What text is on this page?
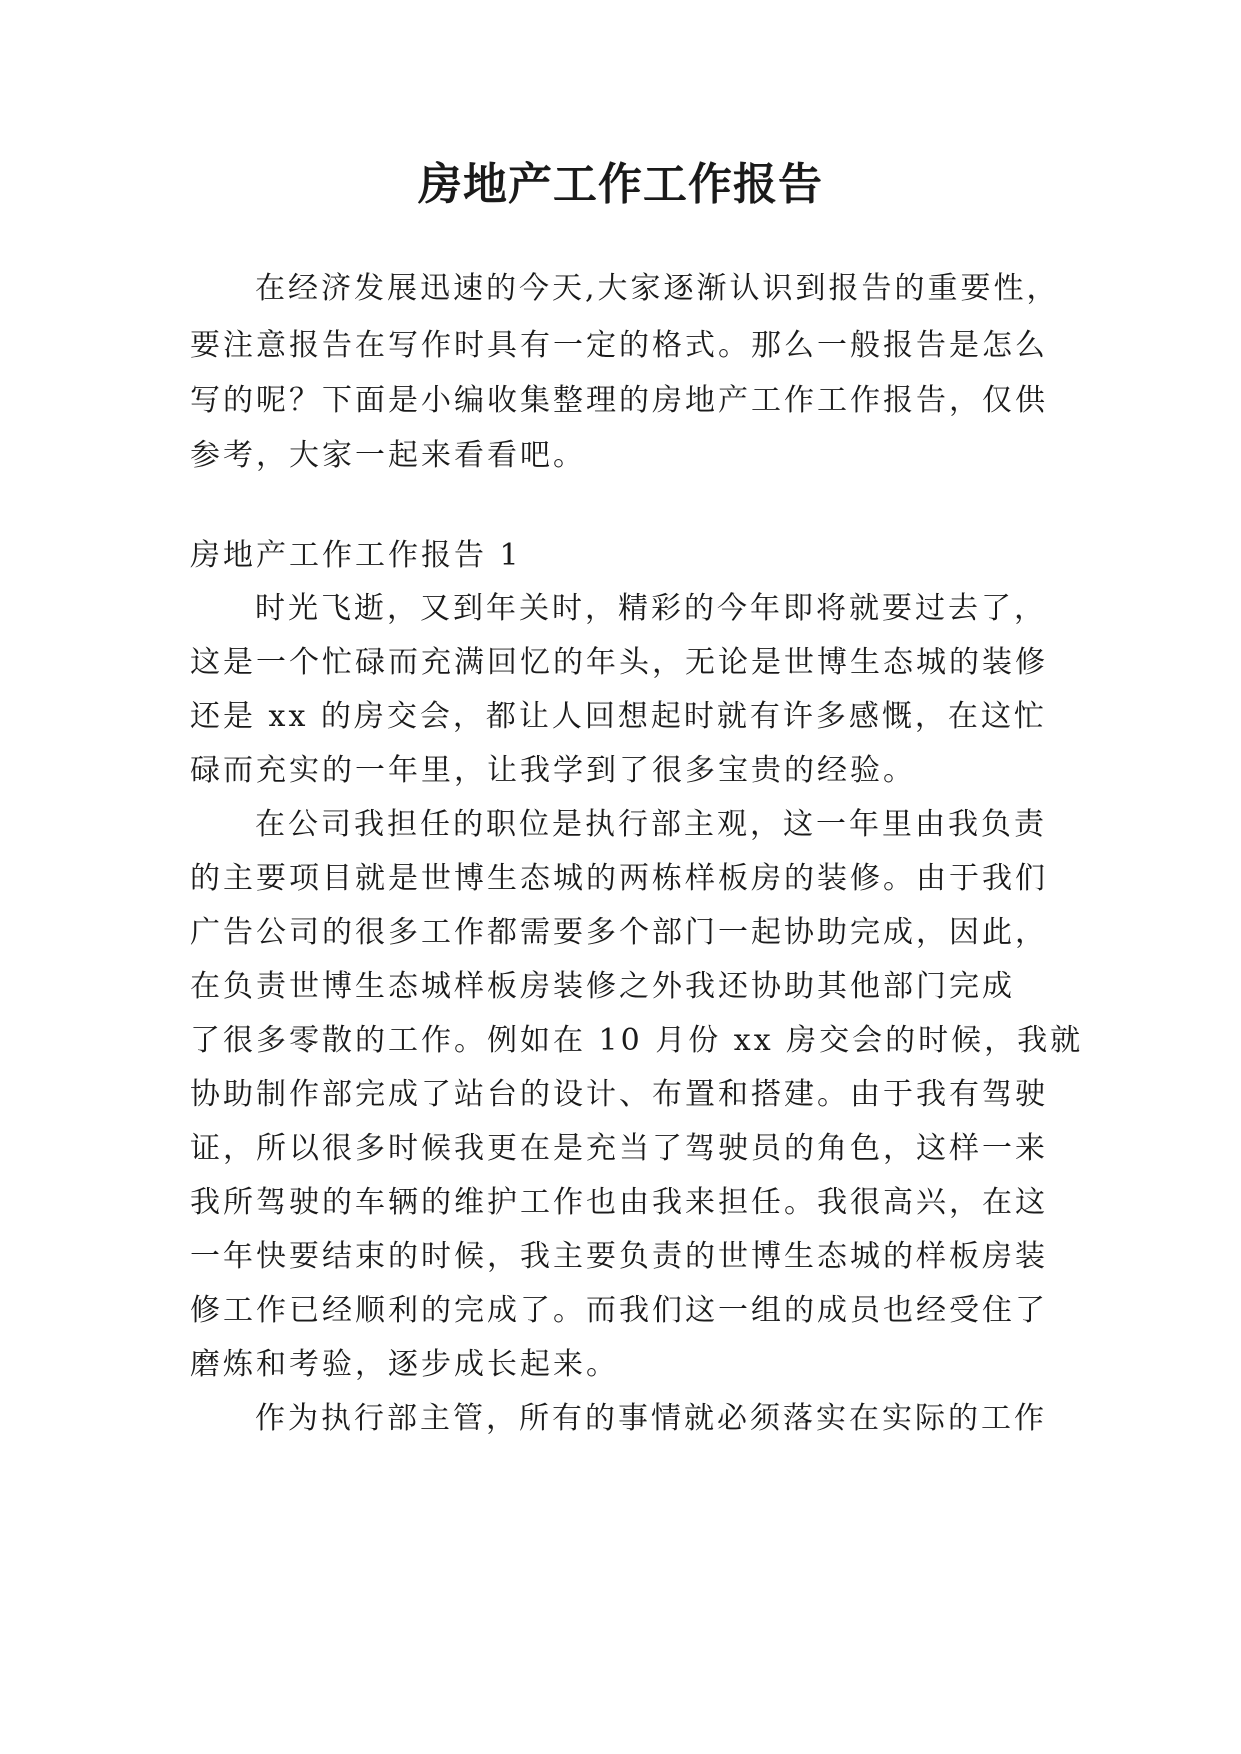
房地产工作工作报告
在经济发展迅速的今天,大家逐渐认识到报告的重要性，
要注意报告在写作时具有一定的格式。那么一般报告是怎么
写的呢？下面是小编收集整理的房地产工作工作报告，仅供
参考，大家一起来看看吧。
房地产工作工作报告 1
时光飞逝，又到年关时，精彩的今年即将就要过去了，
这是一个忙碌而充满回忆的年头，无论是世博生态城的装修
还是 xx 的房交会，都让人回想起时就有许多感慨，在这忙
碌而充实的一年里，让我学到了很多宝贵的经验。
在公司我担任的职位是执行部主观，这一年里由我负责
的主要项目就是世博生态城的两栋样板房的装修。由于我们
广告公司的很多工作都需要多个部门一起协助完成，因此，
在负责世博生态城样板房装修之外我还协助其他部门完成
了很多零散的工作。例如在 10 月份 xx 房交会的时候，我就
协助制作部完成了站台的设计、布置和搭建。由于我有驾驶
证，所以很多时候我更在是充当了驾驶员的角色，这样一来
我所驾驶的车辆的维护工作也由我来担任。我很高兴，在这
一年快要结束的时候，我主要负责的世博生态城的样板房装
修工作已经顺利的完成了。而我们这一组的成员也经受住了
磨炼和考验，逐步成长起来。
作为执行部主管，所有的事情就必须落实在实际的工作
